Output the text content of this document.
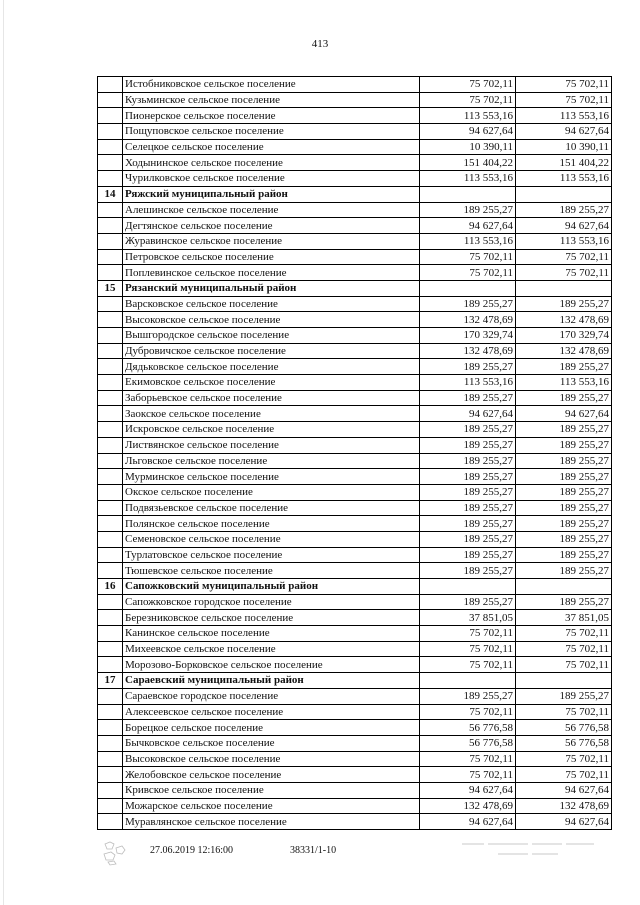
413
	Истобниковское сельское поселение	75 702,11	75 702,11
	Кузьминское сельское поселение	75 702,11	75 702,11
	Пионерское сельское поселение	113 553,16	113 553,16
	Пощуповское сельское поселение	94 627,64	94 627,64
	Селецкое сельское поселение	10 390,11	10 390,11
	Ходынинское сельское поселение	151 404,22	151 404,22
	Чурилковское сельское поселение	113 553,16	113 553,16
14	Ряжский муниципальный район		
	Алешинское сельское поселение	189 255,27	189 255,27
	Дегтянское сельское поселение	94 627,64	94 627,64
	Журавинское сельское поселение	113 553,16	113 553,16
	Петровское сельское поселение	75 702,11	75 702,11
	Поплевинское сельское поселение	75 702,11	75 702,11
15	Рязанский муниципальный район		
	Варсковское сельское поселение	189 255,27	189 255,27
	Высоковское сельское поселение	132 478,69	132 478,69
	Вышгородское сельское поселение	170 329,74	170 329,74
	Дубровичское сельское поселение	132 478,69	132 478,69
	Дядьковское сельское поселение	189 255,27	189 255,27
	Екимовское сельское поселение	113 553,16	113 553,16
	Заборьевское сельское поселение	189 255,27	189 255,27
	Заокское сельское поселение	94 627,64	94 627,64
	Искровское сельское поселение	189 255,27	189 255,27
	Листвянское сельское поселение	189 255,27	189 255,27
	Льговское сельское поселение	189 255,27	189 255,27
	Мурминское сельское поселение	189 255,27	189 255,27
	Окское сельское поселение	189 255,27	189 255,27
	Подвязьевское сельское поселение	189 255,27	189 255,27
	Полянское сельское поселение	189 255,27	189 255,27
	Семеновское сельское поселение	189 255,27	189 255,27
	Турлатовское сельское поселение	189 255,27	189 255,27
	Тюшевское сельское поселение	189 255,27	189 255,27
16	Сапожковский муниципальный район		
	Сапожковское городское поселение	189 255,27	189 255,27
	Березниковское сельское поселение	37 851,05	37 851,05
	Канинское сельское поселение	75 702,11	75 702,11
	Михеевское сельское поселение	75 702,11	75 702,11
	Морозово-Борковское сельское поселение	75 702,11	75 702,11
17	Сараевский муниципальный район		
	Сараевское городское поселение	189 255,27	189 255,27
	Алексеевское сельское поселение	75 702,11	75 702,11
	Борецкое сельское поселение	56 776,58	56 776,58
	Бычковское сельское поселение	56 776,58	56 776,58
	Высоковское сельское поселение	75 702,11	75 702,11
	Желобовское сельское поселение	75 702,11	75 702,11
	Кривское сельское поселение	94 627,64	94 627,64
	Можарское сельское поселение	132 478,69	132 478,69
	Муравлянское сельское поселение	94 627,64	94 627,64
27.06.2019 12:16:00	38331/1-10
